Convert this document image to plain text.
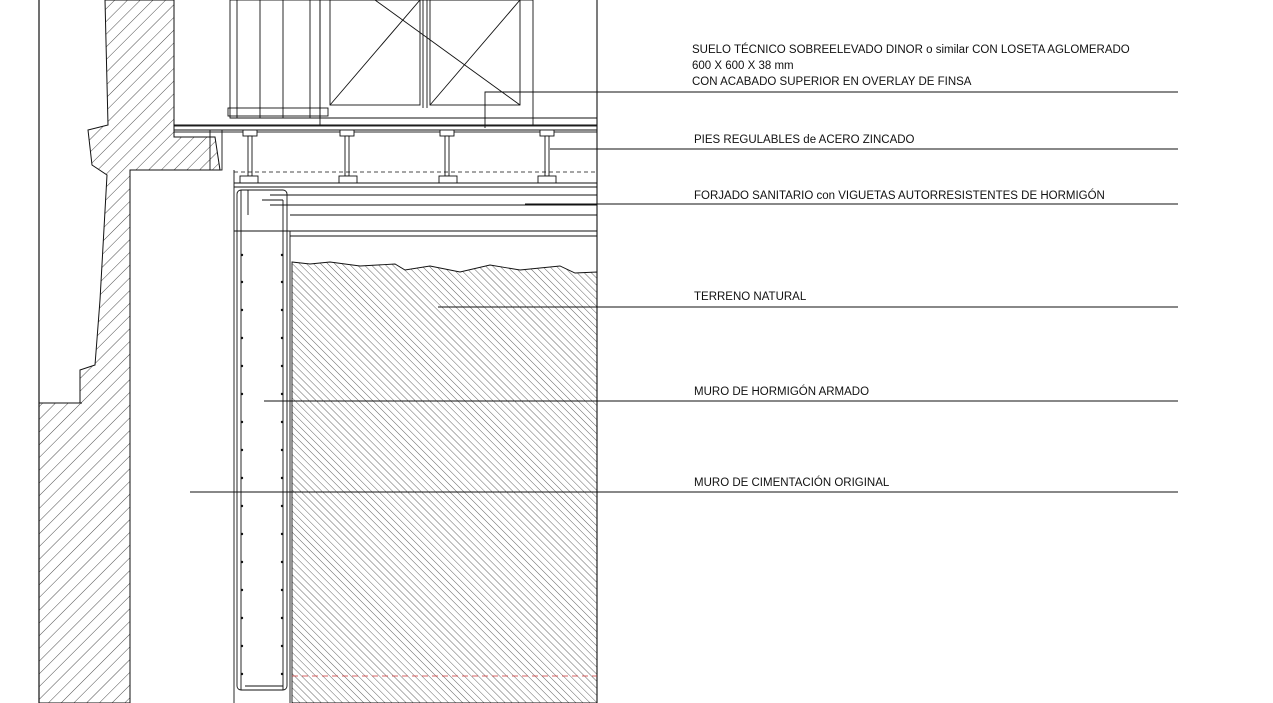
SUELO TÉCNICO SOBREELEVADO DINOR o similar CON LOSETA AGLOMERADO
600 X 600 X 38 mm
CON ACABADO SUPERIOR EN OVERLAY DE FINSA
PIES REGULABLES de ACERO ZINCADO
FORJADO SANITARIO con VIGUETAS AUTORRESISTENTES DE HORMIGÓN
TERRENO NATURAL
MURO DE HORMIGÓN ARMADO
MURO DE CIMENTACIÓN ORIGINAL
